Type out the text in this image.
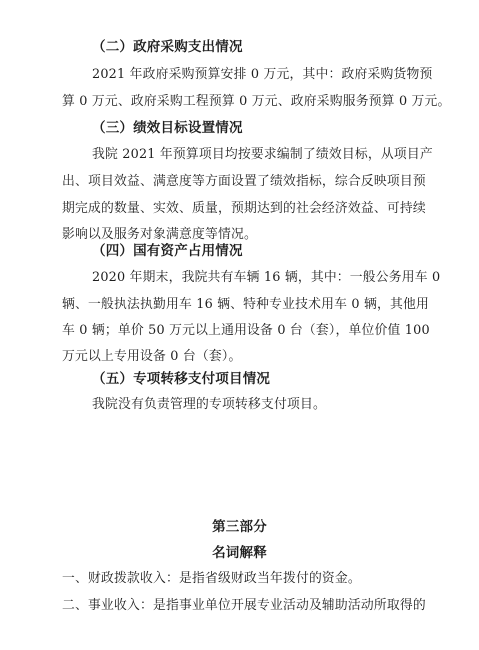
（二）政府采购支出情况
2021 年政府采购预算安排 0 万元，其中：政府采购货物预
算 0 万元、政府采购工程预算 0 万元、政府采购服务预算 0 万元。
（三）绩效目标设置情况
我院 2021 年预算项目均按要求编制了绩效目标，从项目产
出、项目效益、满意度等方面设置了绩效指标，综合反映项目预
期完成的数量、实效、质量，预期达到的社会经济效益、可持续
影响以及服务对象满意度等情况。
（四）国有资产占用情况
2020 年期末，我院共有车辆 16 辆，其中：一般公务用车 0
辆、一般执法执勤用车 16 辆、特种专业技术用车 0 辆，其他用
车 0 辆；单价 50 万元以上通用设备 0 台（套），单位价值 100
万元以上专用设备 0 台（套）。
（五）专项转移支付项目情况
我院没有负责管理的专项转移支付项目。
第三部分
名词解释
一、财政拨款收入：是指省级财政当年拨付的资金。
二、事业收入：是指事业单位开展专业活动及辅助活动所取得的
